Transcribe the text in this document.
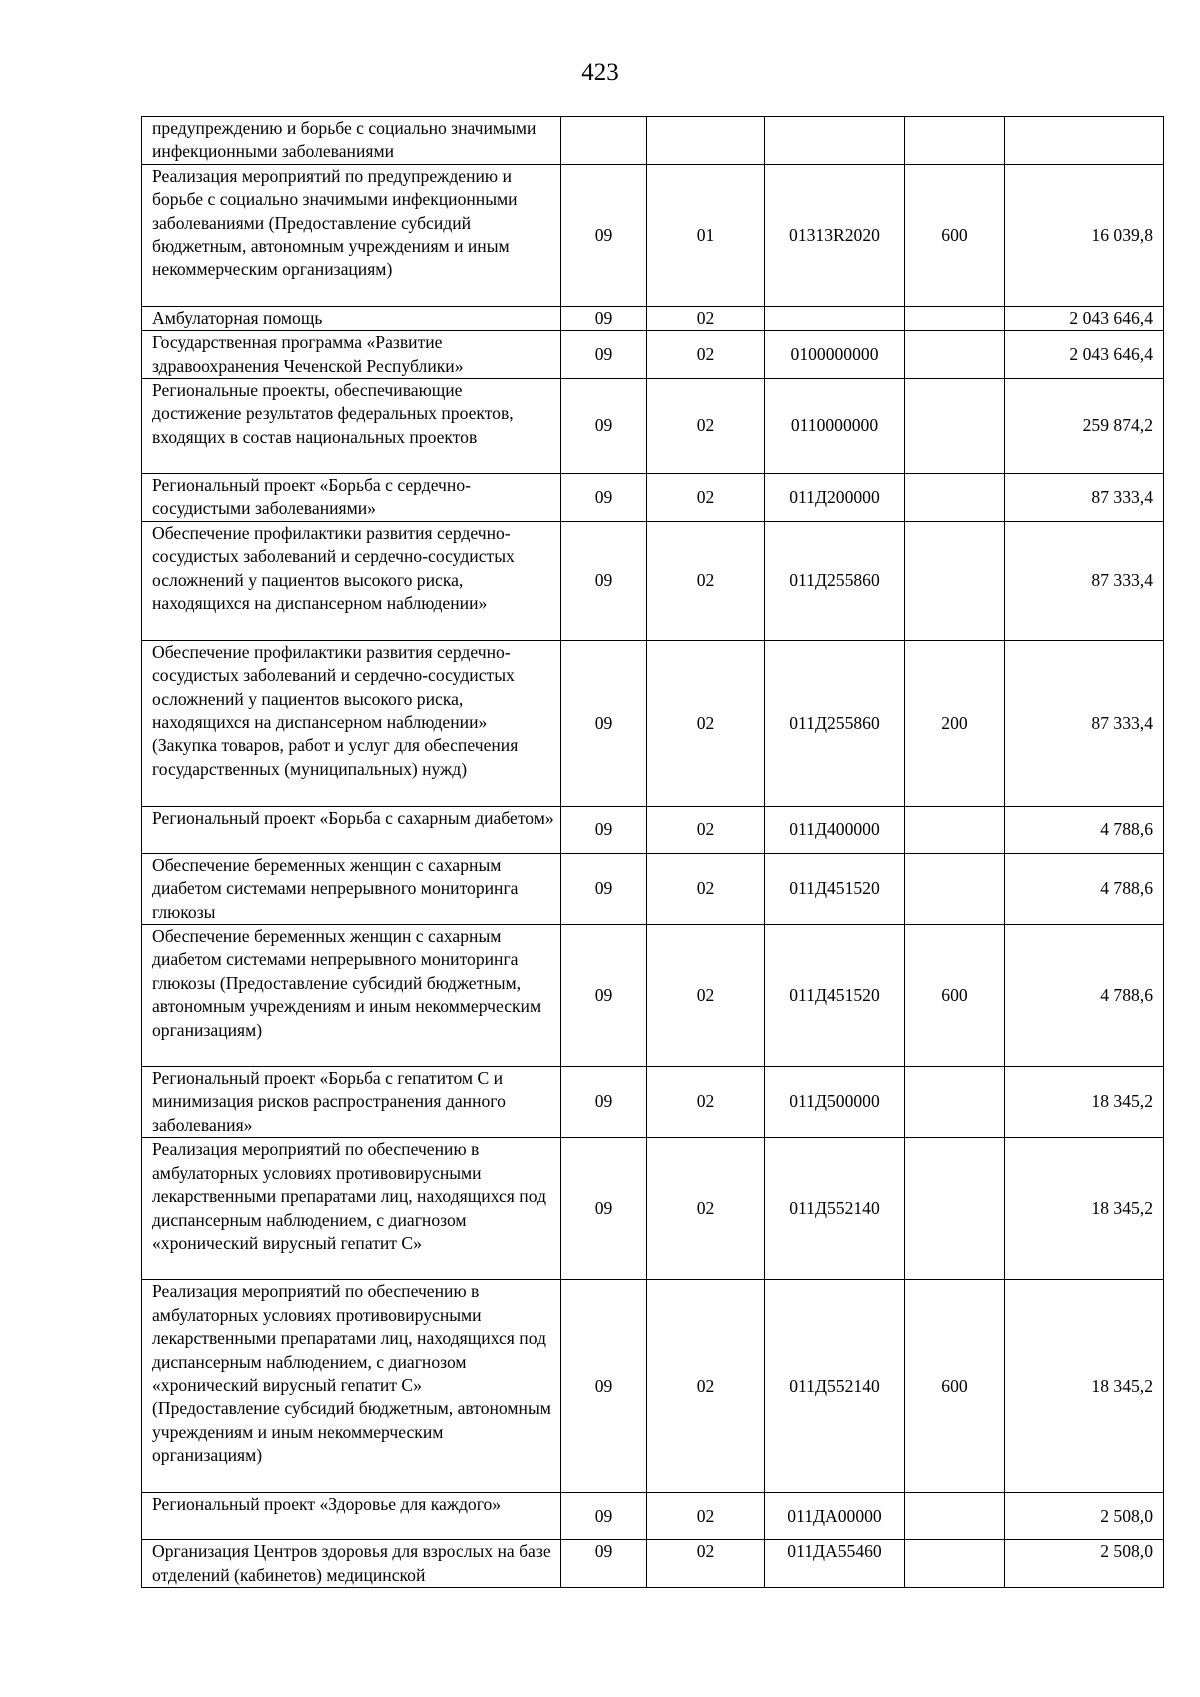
423
предупреждению и борьбе с социально значимыми инфекционными заболеваниями					
Реализация мероприятий по предупреждению и борьбе с социально значимыми инфекционными заболеваниями (Предоставление субсидий бюджетным, автономным учреждениям и иным некоммерческим организациям)	09	01	01313R2020	600	16 039,8
Амбулаторная помощь	09	02			2 043 646,4
Государственная программа «Развитие здравоохранения Чеченской Республики»	09	02	0100000000		2 043 646,4
Региональные проекты, обеспечивающие достижение результатов федеральных проектов, входящих в состав национальных проектов	09	02	0110000000		259 874,2
Региональный проект «Борьба с сердечно-сосудистыми заболеваниями»	09	02	011Д200000		87 333,4
Обеспечение профилактики развития сердечно-сосудистых заболеваний и сердечно-сосудистых осложнений у пациентов высокого риска, находящихся на диспансерном наблюдении»	09	02	011Д255860		87 333,4
Обеспечение профилактики развития сердечно-сосудистых заболеваний и сердечно-сосудистых осложнений у пациентов высокого риска, находящихся на диспансерном наблюдении» (Закупка товаров, работ и услуг для обеспечения государственных (муниципальных) нужд)	09	02	011Д255860	200	87 333,4
Региональный проект «Борьба с сахарным диабетом»	09	02	011Д400000		4 788,6
Обеспечение беременных женщин с сахарным диабетом системами непрерывного мониторинга глюкозы	09	02	011Д451520		4 788,6
Обеспечение беременных женщин с сахарным диабетом системами непрерывного мониторинга глюкозы (Предоставление субсидий бюджетным, автономным учреждениям и иным некоммерческим организациям)	09	02	011Д451520	600	4 788,6
Региональный проект «Борьба с гепатитом С и минимизация рисков распространения данного заболевания»	09	02	011Д500000		18 345,2
Реализация мероприятий по обеспечению в амбулаторных условиях противовирусными лекарственными препаратами лиц, находящихся под диспансерным наблюдением, с диагнозом «хронический вирусный гепатит С»	09	02	011Д552140		18 345,2
Реализация мероприятий по обеспечению в амбулаторных условиях противовирусными лекарственными препаратами лиц, находящихся под диспансерным наблюдением, с диагнозом «хронический вирусный гепатит С» (Предоставление субсидий бюджетным, автономным учреждениям и иным некоммерческим организациям)	09	02	011Д552140	600	18 345,2
Региональный проект «Здоровье для каждого»	09	02	011ДА00000		2 508,0
Организация Центров здоровья для взрослых на базе отделений (кабинетов) медицинской	09	02	011ДА55460		2 508,0
